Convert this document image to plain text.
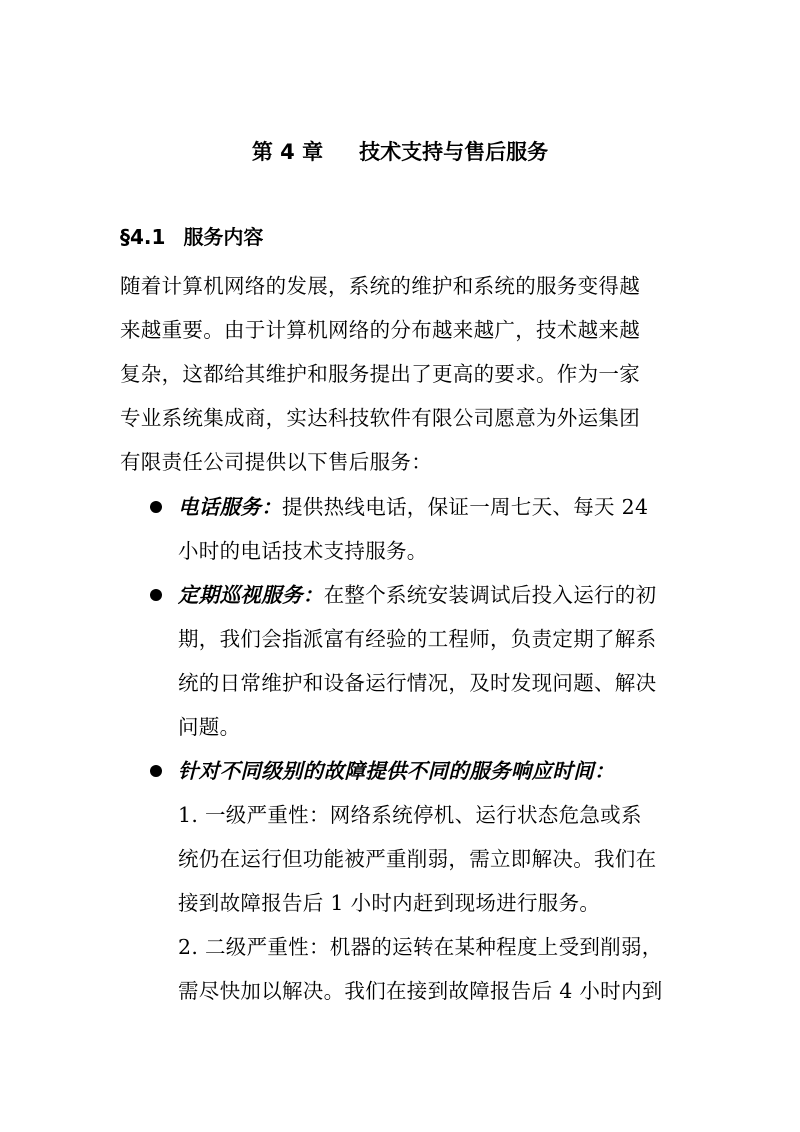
第 4 章 技术支持与售后服务
§4.1 服务内容
随着计算机网络的发展，系统的维护和系统的服务变得越
来越重要。由于计算机网络的分布越来越广，技术越来越
复杂，这都给其维护和服务提出了更高的要求。作为一家
专业系统集成商，实达科技软件有限公司愿意为外运集团
有限责任公司提供以下售后服务：
电话服务：提供热线电话，保证一周七天、每天 24
小时的电话技术支持服务。
定期巡视服务：在整个系统安装调试后投入运行的初
期，我们会指派富有经验的工程师，负责定期了解系
统的日常维护和设备运行情况，及时发现问题、解决
问题。
针对不同级别的故障提供不同的服务响应时间：
1. 一级严重性：网络系统停机、运行状态危急或系
统仍在运行但功能被严重削弱，需立即解决。我们在
接到故障报告后 1 小时内赶到现场进行服务。
2. 二级严重性：机器的运转在某种程度上受到削弱，
需尽快加以解决。我们在接到故障报告后 4 小时内到
